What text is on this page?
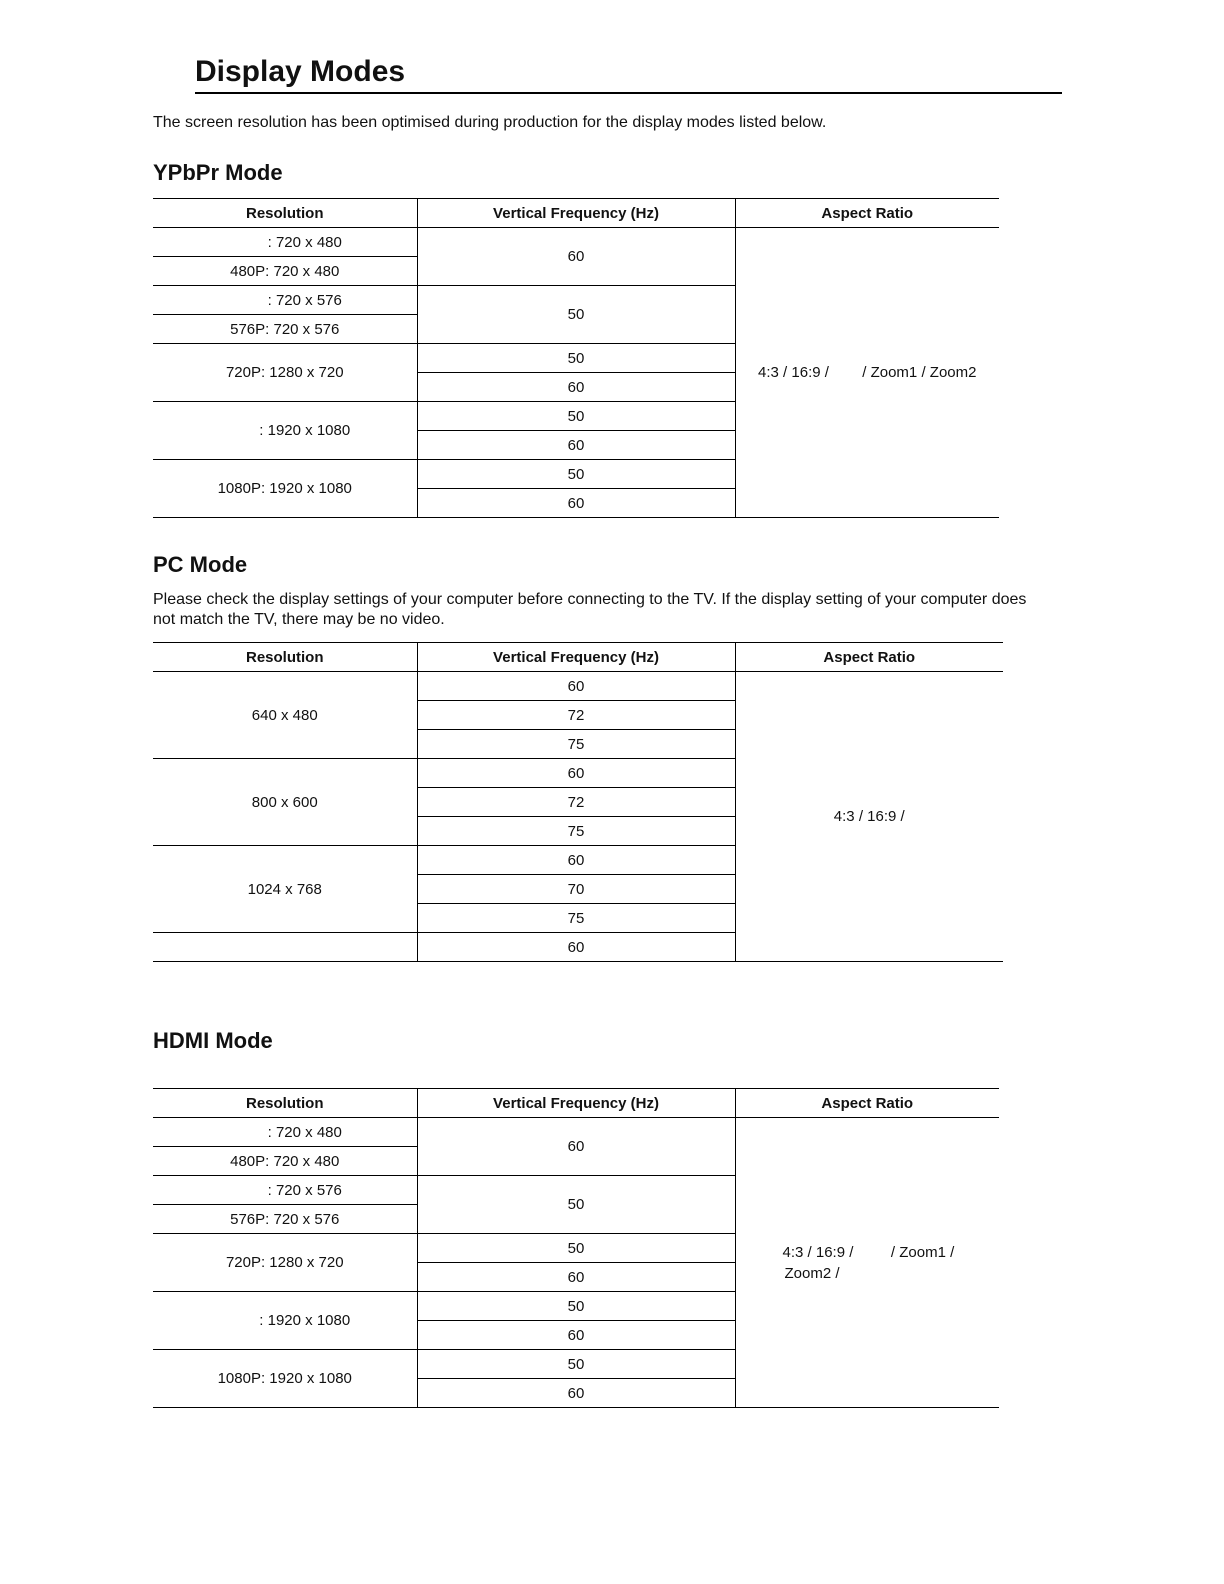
Display Modes
The screen resolution has been optimised during production for the display modes listed below.
YPbPr Mode
Resolution	Vertical Frequency (Hz)	Aspect Ratio
: 720 x 480	60	4:3 / 16:9 /        / Zoom1 / Zoom2
480P: 720 x 480		
: 720 x 576	50	
576P: 720 x 576		
720P: 1280 x 720	50	
	60	
: 1920 x 1080	50	
	60	
1080P: 1920 x 1080	50	
	60	
PC Mode
Please check the display settings of your computer before connecting to the TV. If the display setting of your computer does not match the TV, there may be no video.
Resolution	Vertical Frequency (Hz)	Aspect Ratio
640 x 480	60	4:3 / 16:9 /
	72	
	75	
800 x 600	60	
	72	
	75	
1024 x 768	60	
	70	
	75	
	60	
HDMI Mode
Resolution	Vertical Frequency (Hz)	Aspect Ratio
: 720 x 480	60	4:3 / 16:9 /         / Zoom1 /
Zoom2 /

480P: 720 x 480		
: 720 x 576	50	
576P: 720 x 576		
720P: 1280 x 720	50	
	60	
: 1920 x 1080	50	
	60	
1080P: 1920 x 1080	50	
	60	
